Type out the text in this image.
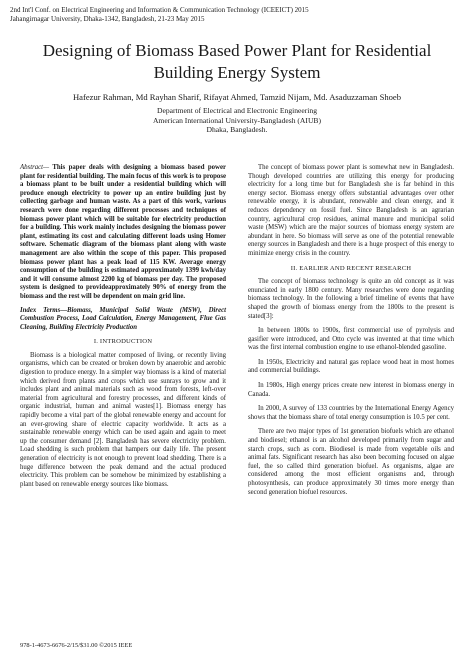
2nd Int'l Conf. on Electrical Engineering and Information & Communication Technology (ICEEICT) 2015
Jahangirnagar University, Dhaka-1342, Bangladesh, 21-23 May 2015
Designing of Biomass Based Power Plant for Residential Building Energy System
Hafezur Rahman, Md Rayhan Sharif, Rifayat Ahmed, Tamzid Nijam, Md. Asaduzzaman Shoeb
Department of Electrical and Electronic Engineering
American International University-Bangladesh (AIUB)
Dhaka, Bangladesh.

Abstract— This paper deals with designing a biomass based power plant for residential building. The main focus of this work is to propose a biomass plant to be built under a residential building which will produce enough electricity to power up an entire building just by collecting garbage and human waste. As a part of this work, various research were done regarding different processes and techniques of biomass power plant which will be suitable for electricity production for a building. This work mainly includes designing the biomass power plant, estimating its cost and calculating different loads using Homer software. Schematic diagram of the biomass plant along with waste management are also within the scope of this paper. This proposed biomass power plant has a peak load of 115 KW. Average energy consumption of the building is estimated approximately 1399 kwh/day and it will consume almost 2200 kg of biomass per day. The proposed system is designed to provideapproximately 90% of energy from the biomass and the rest will be dependent on main grid line.

Index Terms—Biomass, Municipal Solid Waste (MSW), Direct Combustion Process, Load Calculation, Energy Management, Flue Gas Cleaning, Building Electricity Production

I. INTRODUCTION

Biomass is a biological matter composed of living, or recently living organisms, which can be created or broken down by anaerobic and aerobic digestion to produce energy. In a simpler way biomass is a kind of material which derived from plants and crops which use sunrays to grow and it includes plant and animal materials such as wood from forests, left-over material from agricultural and forestry processes, and different kinds of organic industrial, human and animal wastes[1]. Biomass energy has rapidly become a vital part of the global renewable energy and account for an ever-growing share of electric capacity worldwide. It acts as a sustainable renewable energy which can be used again and again to meet up the consumer demand [2]. Bangladesh has severe electricity problem. Load shedding is such problem that hampers our daily life. The present generation of electricity is not enough to prevent load shedding. There is a huge difference between the peak demand and the actual produced electricity. This problem can be somehow be minimized by establishing a plant based on renewable energy sources like biomass.

The concept of biomass power plant is somewhat new in Bangladesh. Though developed countries are utilizing this energy for producing electricity for a long time but for Bangladesh she is far behind in this energy sector. Biomass energy offers substantial advantages over other renewable energy, it is abundant, renewable and clean energy, and it reduces dependency on fossil fuel. Since Bangladesh is an agrarian country, agricultural crop residues, animal manure and municipal solid waste (MSW) which are the major sources of biomass energy system are abundant in here. So biomass will serve as one of the potential renewable energy sources in Bangladesh and there is a huge prospect of this energy to minimize energy crisis in the country.

II. EARLIER AND RECENT RESEARCH

The concept of biomass technology is quite an old concept as it was enunciated in early 1800 century. Many researches were done regarding biomass technology. In the following a brief timeline of events that have shaped the growth of biomass energy from the 1800s to the present is stated[3]:

In between 1800s to 1900s, first commercial use of pyrolysis and gasifier were introduced, and Otto cycle was invented at that time which was the first internal combustion engine to use ethanol-blended gasoline.

In 1950s, Electricity and natural gas replace wood heat in most homes and commercial buildings.

In 1980s, High energy prices create new interest in biomass energy in Canada.

In 2000, A survey of 133 countries by the International Energy Agency shows that the biomass share of total energy consumption is 10.5 per cent.

There are two major types of 1st generation biofuels which are ethanol and biodiesel; ethanol is an alcohol developed primarily from sugar and starch crops, such as corn. Biodiesel is made from vegetable oils and animal fats. Significant research has also been becoming focused on algae fuel, the so called third generation biofuel. As organisms, algae are considered among the most efficient organisms and, through photosynthesis, can produce approximately 30 times more energy than second generation biofuel resources.

978-1-4673-6676-2/15/$31.00 ©2015 IEEE
